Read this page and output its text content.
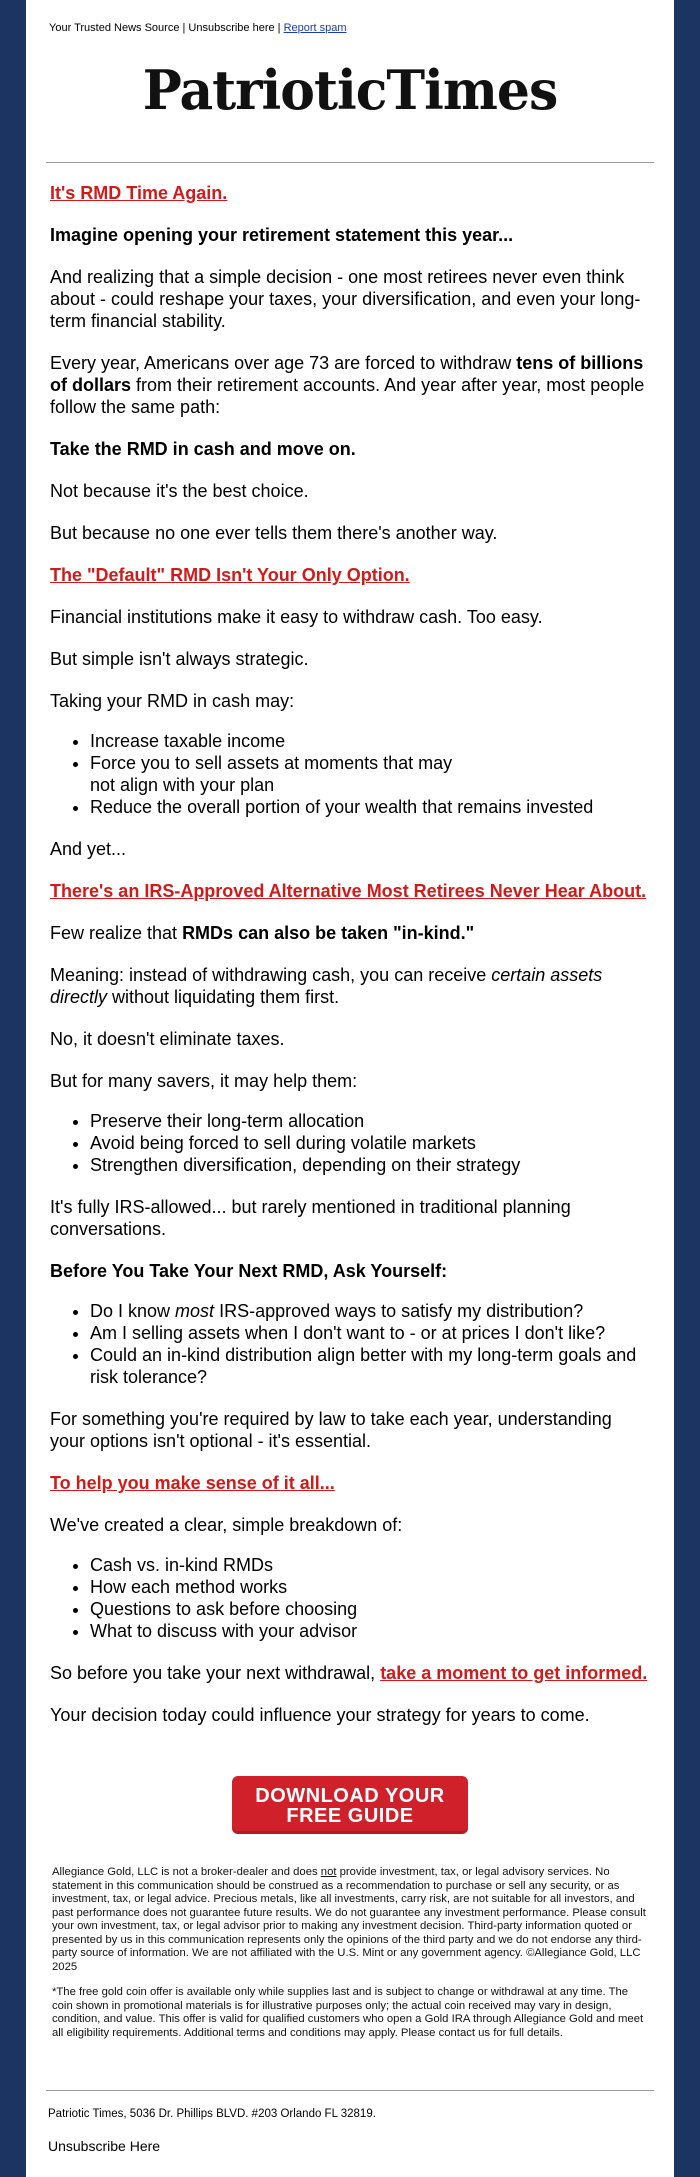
Your Trusted News Source | Unsubscribe here | Report spam
PatrioticTimes
It's RMD Time Again.

Imagine opening your retirement statement this year...

And realizing that a simple decision - one most retirees never even think about - could reshape your taxes, your diversification, and even your long-term financial stability.

Every year, Americans over age 73 are forced to withdraw tens of billions of dollars from their retirement accounts. And year after year, most people follow the same path:

Take the RMD in cash and move on.

Not because it's the best choice.

But because no one ever tells them there's another way.

The "Default" RMD Isn't Your Only Option.

Financial institutions make it easy to withdraw cash. Too easy.

But simple isn't always strategic.

Taking your RMD in cash may:

• Increase taxable income
• Force you to sell assets at moments that may not align with your plan
• Reduce the overall portion of your wealth that remains invested

And yet...

There's an IRS-Approved Alternative Most Retirees Never Hear About.

Few realize that RMDs can also be taken "in-kind."

Meaning: instead of withdrawing cash, you can receive certain assets directly without liquidating them first.

No, it doesn't eliminate taxes.

But for many savers, it may help them:

• Preserve their long-term allocation
• Avoid being forced to sell during volatile markets
• Strengthen diversification, depending on their strategy

It's fully IRS-allowed... but rarely mentioned in traditional planning conversations.

Before You Take Your Next RMD, Ask Yourself:

• Do I know most IRS-approved ways to satisfy my distribution?
• Am I selling assets when I don't want to - or at prices I don't like?
• Could an in-kind distribution align better with my long-term goals and risk tolerance?

For something you're required by law to take each year, understanding your options isn't optional - it's essential.

To help you make sense of it all...

We've created a clear, simple breakdown of:

• Cash vs. in-kind RMDs
• How each method works
• Questions to ask before choosing
• What to discuss with your advisor

So before you take your next withdrawal, take a moment to get informed.

Your decision today could influence your strategy for years to come.

DOWNLOAD YOUR
FREE GUIDE

Allegiance Gold, LLC is not a broker-dealer and does not provide investment, tax, or legal advisory services. No statement in this communication should be construed as a recommendation to purchase or sell any security, or as investment, tax, or legal advice. Precious metals, like all investments, carry risk, are not suitable for all investors, and past performance does not guarantee future results. We do not guarantee any investment performance. Please consult your own investment, tax, or legal advisor prior to making any investment decision. Third-party information quoted or presented by us in this communication represents only the opinions of the third party and we do not endorse any third-party source of information. We are not affiliated with the U.S. Mint or any government agency. ©Allegiance Gold, LLC 2025

*The free gold coin offer is available only while supplies last and is subject to change or withdrawal at any time. The coin shown in promotional materials is for illustrative purposes only; the actual coin received may vary in design, condition, and value. This offer is valid for qualified customers who open a Gold IRA through Allegiance Gold and meet all eligibility requirements. Additional terms and conditions may apply. Please contact us for full details.

Patriotic Times, 5036 Dr. Phillips BLVD. #203 Orlando FL 32819.
Unsubscribe Here
